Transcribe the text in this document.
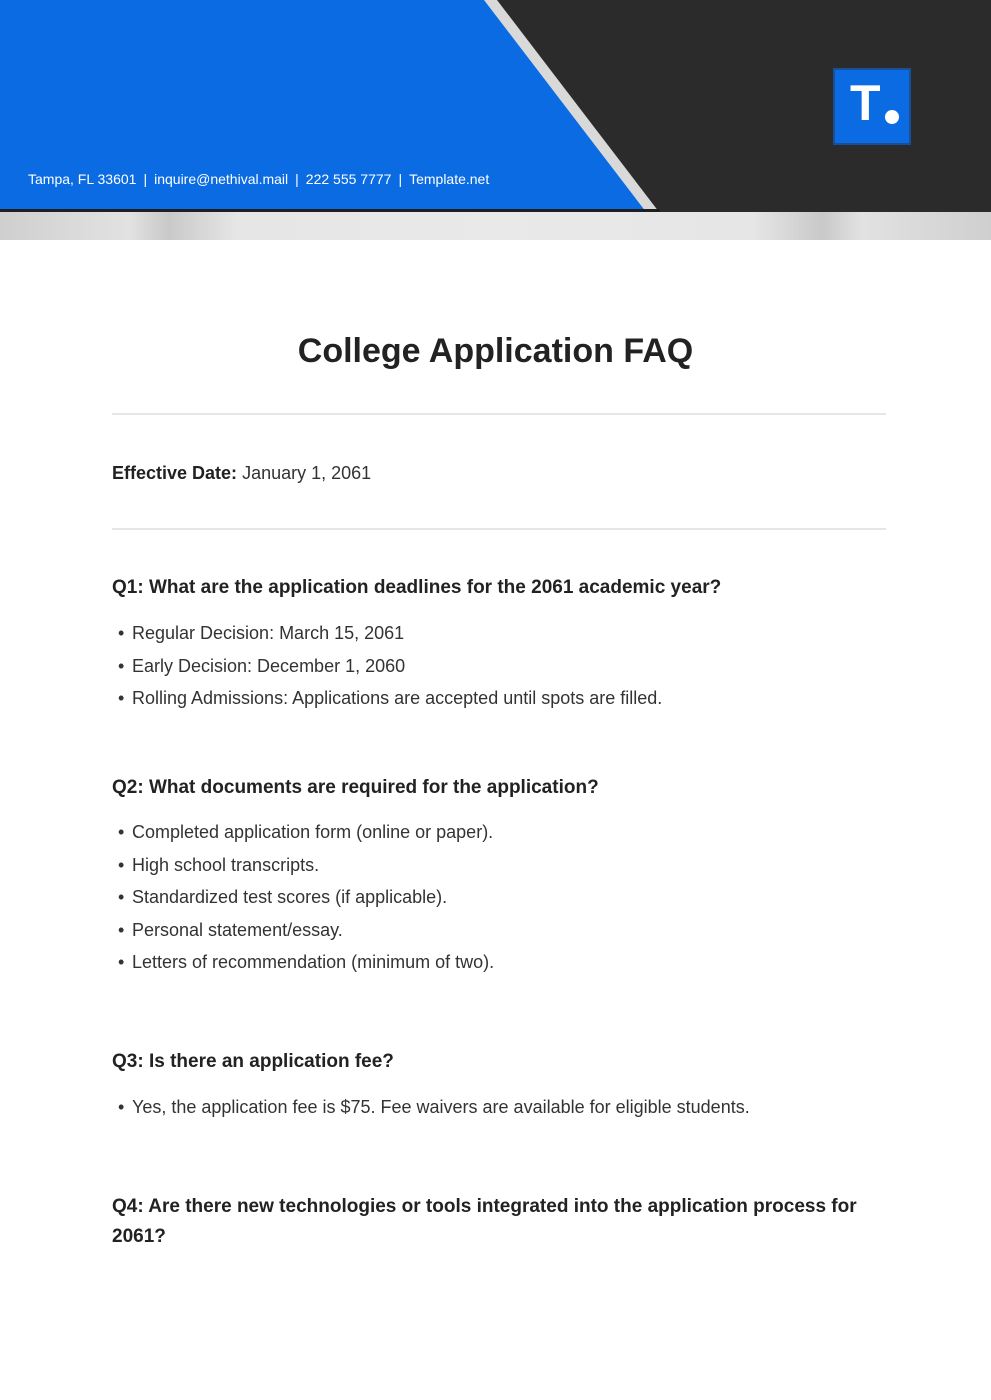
Tampa, FL 33601 | inquire@nethival.mail | 222 555 7777 | Template.net
T
College Application FAQ
Effective Date: January 1, 2061
Q1: What are the application deadlines for the 2061 academic year?
• Regular Decision: March 15, 2061
• Early Decision: December 1, 2060
• Rolling Admissions: Applications are accepted until spots are filled.
Q2: What documents are required for the application?
• Completed application form (online or paper).
• High school transcripts.
• Standardized test scores (if applicable).
• Personal statement/essay.
• Letters of recommendation (minimum of two).
Q3: Is there an application fee?
• Yes, the application fee is $75. Fee waivers are available for eligible students.
Q4: Are there new technologies or tools integrated into the application process for 2061?
